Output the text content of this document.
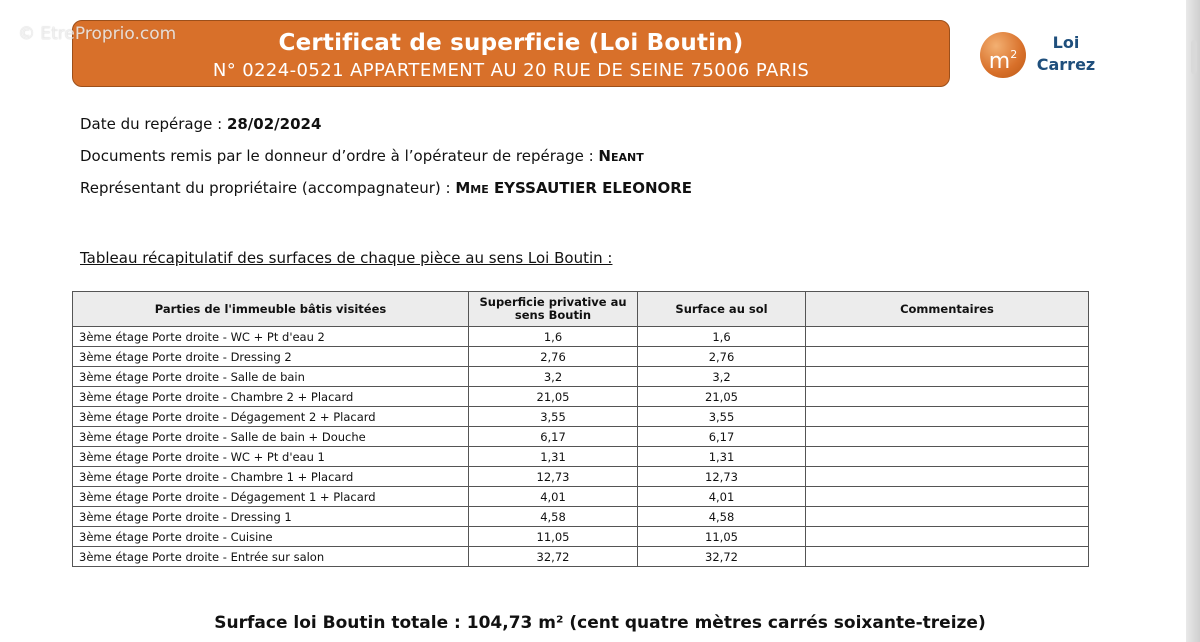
© EtreProprio.com	Certificat de superficie (Loi Boutin)
N° 0224-0521 APPARTEMENT AU 20 RUE DE SEINE 75006 PARIS	$m^2$
Loi
Carrez
Date du repérage : 28/02/2024
Documents remis par le donneur d’ordre à l’opérateur de repérage : Neant
Représentant du propriétaire (accompagnateur) : Mme EYSSAUTIER ELEONORE
Tableau récapitulatif des surfaces de chaque pièce au sens Loi Boutin :
Parties de l'immeuble bâtis visitées	Superficie privative au sens Boutin	Surface au sol	Commentaires
3ème étage Porte droite - WC + Pt d'eau 2	1,6	1,6	
3ème étage Porte droite - Dressing 2	2,76	2,76	
3ème étage Porte droite - Salle de bain	3,2	3,2	
3ème étage Porte droite - Chambre 2 + Placard	21,05	21,05	
3ème étage Porte droite - Dégagement 2 + Placard	3,55	3,55	
3ème étage Porte droite - Salle de bain + Douche	6,17	6,17	
3ème étage Porte droite - WC + Pt d'eau 1	1,31	1,31	
3ème étage Porte droite - Chambre 1 + Placard	12,73	12,73	
3ème étage Porte droite - Dégagement 1 + Placard	4,01	4,01	
3ème étage Porte droite - Dressing 1	4,58	4,58	
3ème étage Porte droite - Cuisine	11,05	11,05	
3ème étage Porte droite - Entrée sur salon	32,72	32,72	
Surface loi Boutin totale : 104,73 m² (cent quatre mètres carrés soixante-treize)
